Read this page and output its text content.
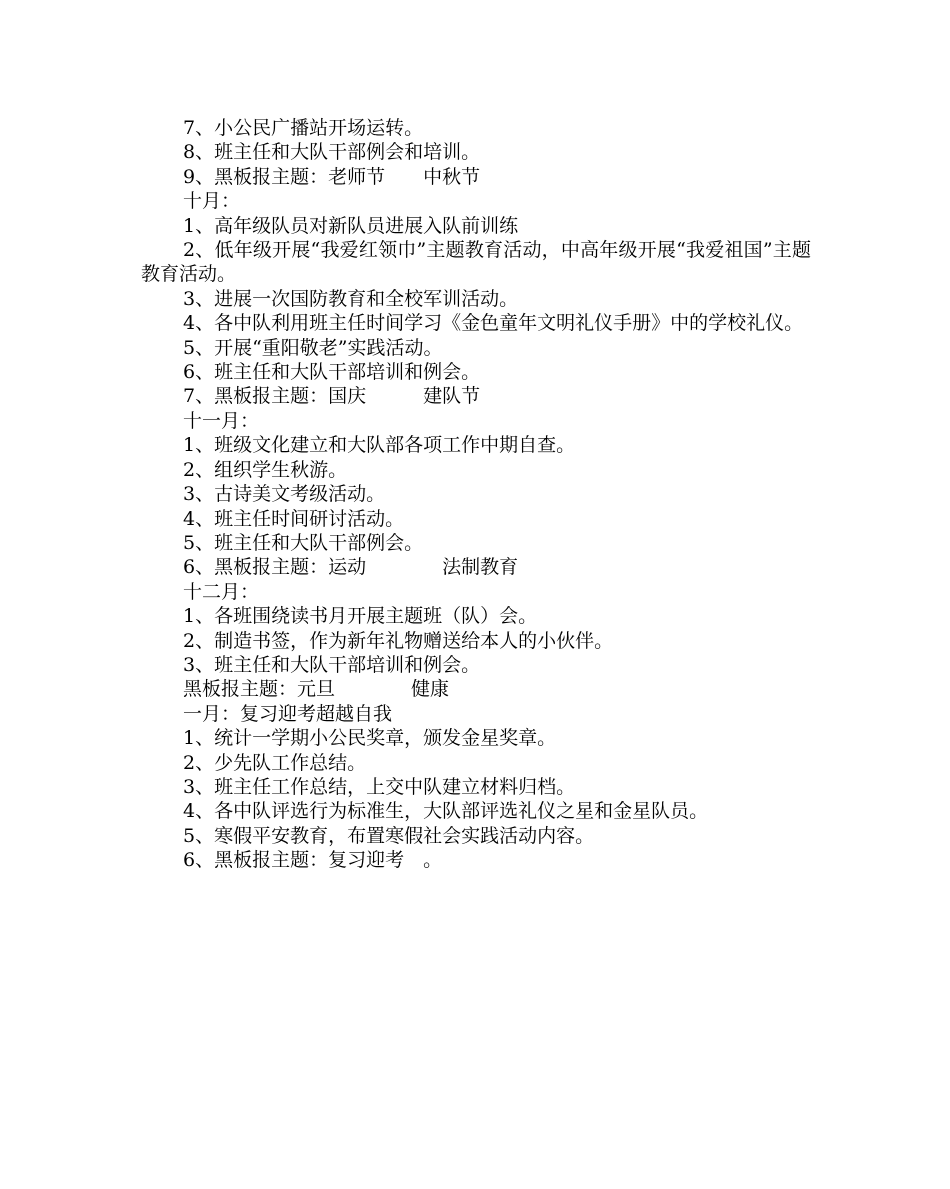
7、小公民广播站开场运转。

8、班主任和大队干部例会和培训。

9、黑板报主题：老师节　　中秋节

十月：

1、高年级队员对新队员进展入队前训练

2、低年级开展“我爱红领巾”主题教育活动，中高年级开展“我爱祖国”主题教育活动。

3、进展一次国防教育和全校军训活动。

4、各中队利用班主任时间学习《金色童年文明礼仪手册》中的学校礼仪。

5、开展“重阳敬老”实践活动。

6、班主任和大队干部培训和例会。

7、黑板报主题：国庆　　　建队节

十一月：

1、班级文化建立和大队部各项工作中期自查。

2、组织学生秋游。

3、古诗美文考级活动。

4、班主任时间研讨活动。

5、班主任和大队干部例会。

6、黑板报主题：运动　　　　法制教育

十二月：

1、各班围绕读书月开展主题班（队）会。

2、制造书签，作为新年礼物赠送给本人的小伙伴。

3、班主任和大队干部培训和例会。

黑板报主题：元旦　　　　健康

一月：复习迎考超越自我

1、统计一学期小公民奖章，颁发金星奖章。

2、少先队工作总结。

3、班主任工作总结，上交中队建立材料归档。

4、各中队评选行为标准生，大队部评选礼仪之星和金星队员。

5、寒假平安教育，布置寒假社会实践活动内容。

6、黑板报主题：复习迎考　。
